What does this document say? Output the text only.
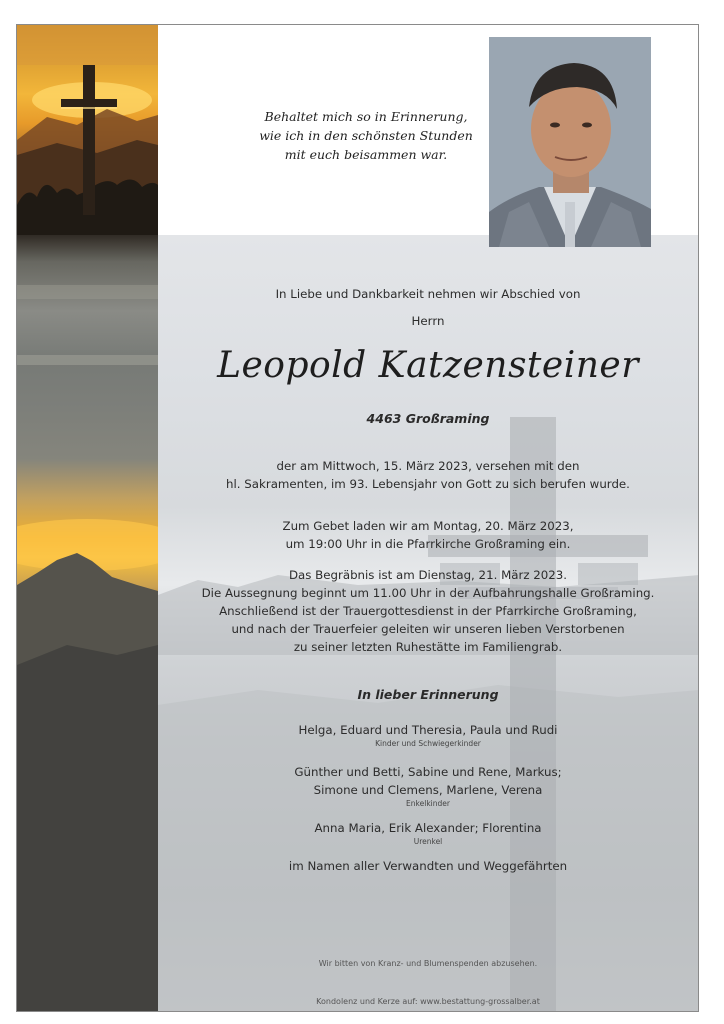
Behaltet mich so in Erinnerung,
wie ich in den schönsten Stunden
mit euch beisammen war.
In Liebe und Dankbarkeit nehmen wir Abschied von
Herrn
Leopold Katzensteiner
4463 Großraming
der am Mittwoch, 15. März 2023, versehen mit den
hl. Sakramenten, im 93. Lebensjahr von Gott zu sich berufen wurde.
Zum Gebet laden wir am Montag, 20. März 2023,
um 19:00 Uhr in die Pfarrkirche Großraming ein.
Das Begräbnis ist am Dienstag, 21. März 2023.
Die Aussegnung beginnt um 11.00 Uhr in der Aufbahrungshalle Großraming.
Anschließend ist der Trauergottesdienst in der Pfarrkirche Großraming,
und nach der Trauerfeier geleiten wir unseren lieben Verstorbenen
zu seiner letzten Ruhestätte im Familiengrab.
In lieber Erinnerung
Helga, Eduard und Theresia, Paula und Rudi
Kinder und Schwiegerkinder
Günther und Betti, Sabine und Rene, Markus;
Simone und Clemens, Marlene, Verena
Enkelkinder
Anna Maria, Erik Alexander; Florentina
Urenkel
im Namen aller Verwandten und Weggefährten
Wir bitten von Kranz- und Blumenspenden abzusehen.
Kondolenz und Kerze auf: www.bestattung-grossalber.at
